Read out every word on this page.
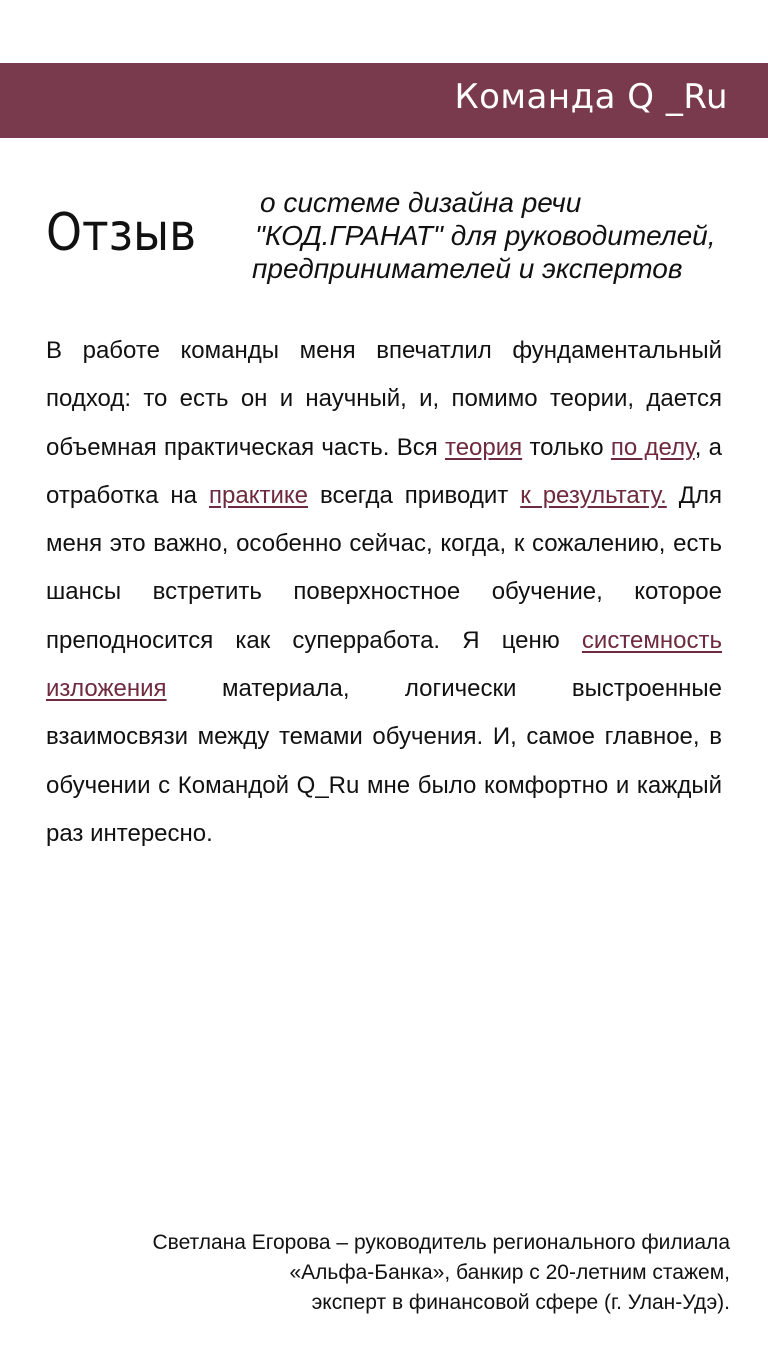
Команда Q _Ru
Отзыв
о системе дизайна речи
"КОД.ГРАНАТ" для руководителей,
предпринимателей и экспертов

В работе команды меня впечатлил фундаментальный подход: то есть он и научный, и, помимо теории, дается объемная практическая часть. Вся теория только по делу, а отработка на практике всегда приводит к результату. Для меня это важно, особенно сейчас, когда, к сожалению, есть шансы встретить поверхностное обучение, которое преподносится как суперработа. Я ценю системность изложения материала, логически выстроенные взаимосвязи между темами обучения. И, самое главное, в обучении с Командой Q_Ru мне было комфортно и каждый раз интересно.

Светлана Егорова – руководитель регионального филиала
«Альфа-Банка», банкир с 20-летним стажем,
эксперт в финансовой сфере (г. Улан-Удэ).
